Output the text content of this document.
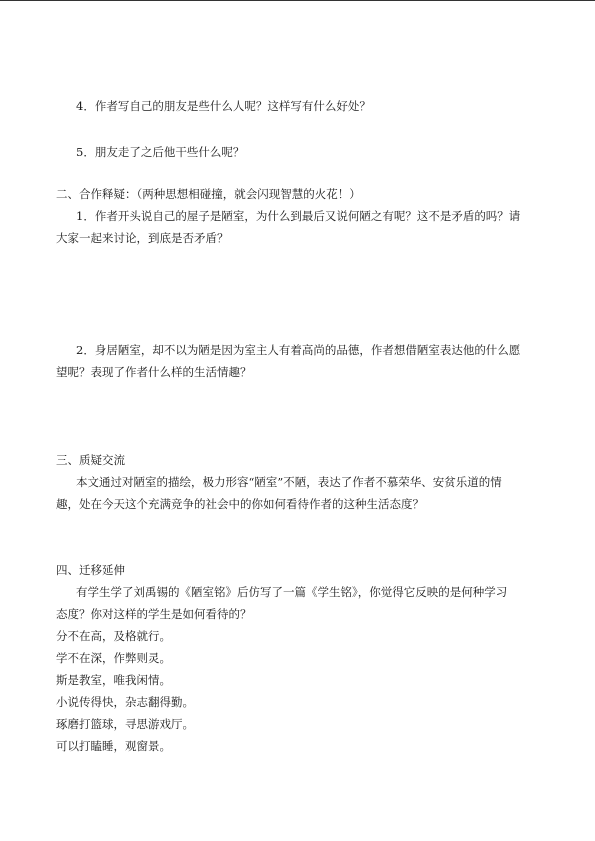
4．作者写自己的朋友是些什么人呢？这样写有什么好处？

5．朋友走了之后他干些什么呢？

二、合作释疑：（两种思想相碰撞，就会闪现智慧的火花！）

1．作者开头说自己的屋子是陋室，为什么到最后又说何陋之有呢？这不是矛盾的吗？请

大家一起来讨论，到底是否矛盾？

2．身居陋室，却不以为陋是因为室主人有着高尚的品德，作者想借陋室表达他的什么愿

望呢？表现了作者什么样的生活情趣？

三、质疑交流

本文通过对陋室的描绘，极力形容“陋室”不陋，表达了作者不慕荣华、安贫乐道的情

趣，处在今天这个充满竞争的社会中的你如何看待作者的这种生活态度？

四、迁移延伸

有学生学了刘禹锡的《陋室铭》后仿写了一篇《学生铭》，你觉得它反映的是何种学习

态度？你对这样的学生是如何看待的？

分不在高，及格就行。

学不在深，作弊则灵。

斯是教室，唯我闲情。

小说传得快，杂志翻得勤。

琢磨打篮球，寻思游戏厅。

可以打瞌睡，观窗景。
